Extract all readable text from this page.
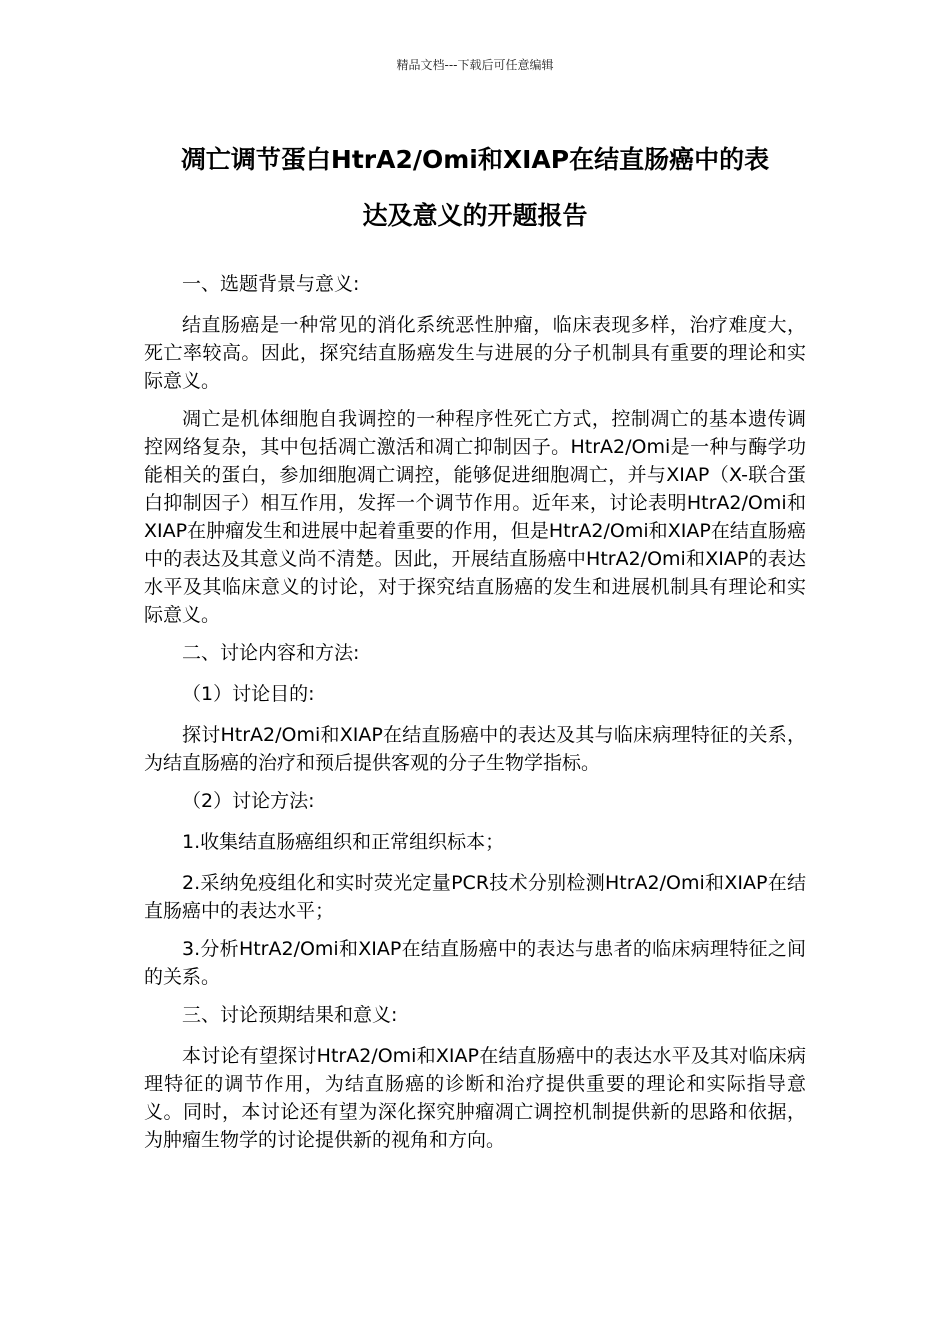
精品文档---下载后可任意编辑
凋亡调节蛋白HtrA2/Omi和XIAP在结直肠癌中的表
达及意义的开题报告

一、选题背景与意义:

结直肠癌是一种常见的消化系统恶性肿瘤，临床表现多样，治疗难度大，死亡率较高。因此，探究结直肠癌发生与进展的分子机制具有重要的理论和实际意义。

凋亡是机体细胞自我调控的一种程序性死亡方式，控制凋亡的基本遗传调控网络复杂，其中包括凋亡激活和凋亡抑制因子。HtrA2/Omi是一种与酶学功能相关的蛋白，参加细胞凋亡调控，能够促进细胞凋亡，并与XIAP（X-联合蛋白抑制因子）相互作用，发挥一个调节作用。近年来，讨论表明HtrA2/Omi和XIAP在肿瘤发生和进展中起着重要的作用，但是HtrA2/Omi和XIAP在结直肠癌中的表达及其意义尚不清楚。因此，开展结直肠癌中HtrA2/Omi和XIAP的表达水平及其临床意义的讨论，对于探究结直肠癌的发生和进展机制具有理论和实际意义。

二、讨论内容和方法:

（1）讨论目的:

探讨HtrA2/Omi和XIAP在结直肠癌中的表达及其与临床病理特征的关系，为结直肠癌的治疗和预后提供客观的分子生物学指标。

（2）讨论方法:

1.收集结直肠癌组织和正常组织标本；

2.采纳免疫组化和实时荧光定量PCR技术分别检测HtrA2/Omi和XIAP在结直肠癌中的表达水平；

3.分析HtrA2/Omi和XIAP在结直肠癌中的表达与患者的临床病理特征之间的关系。

三、讨论预期结果和意义:

本讨论有望探讨HtrA2/Omi和XIAP在结直肠癌中的表达水平及其对临床病理特征的调节作用，为结直肠癌的诊断和治疗提供重要的理论和实际指导意义。同时，本讨论还有望为深化探究肿瘤凋亡调控机制提供新的思路和依据，为肿瘤生物学的讨论提供新的视角和方向。
